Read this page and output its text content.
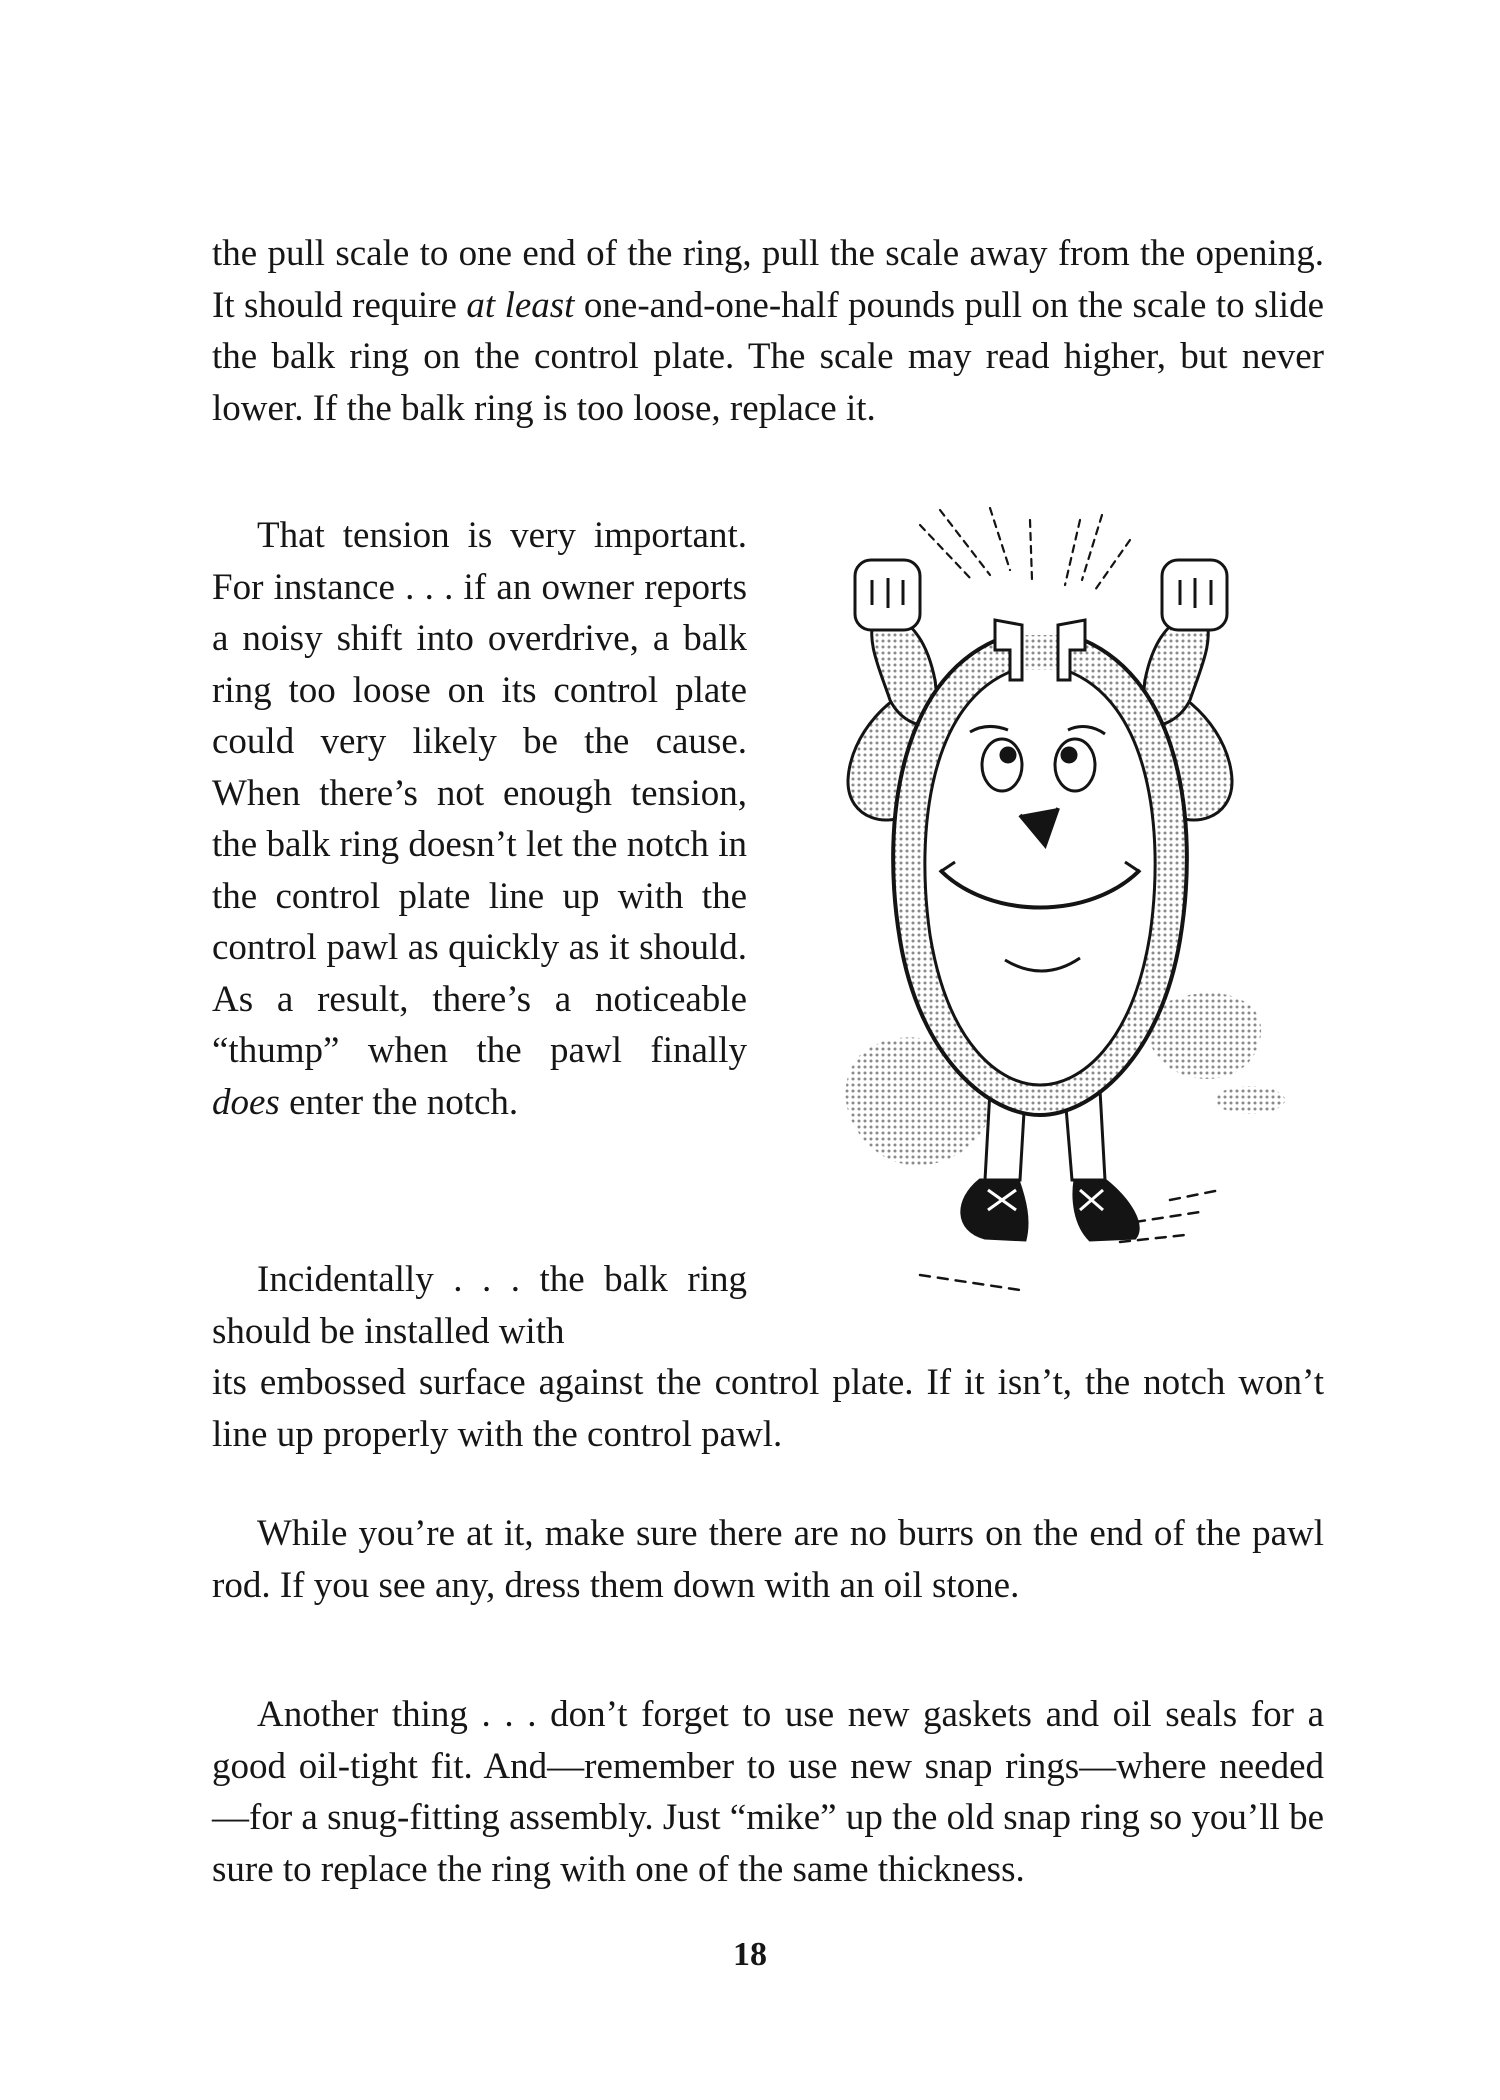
the pull scale to one end of the ring, pull the scale away from the opening. It should require at least one-and-one-half pounds pull on the scale to slide the balk ring on the control plate. The scale may read higher, but never lower. If the balk ring is too loose, replace it.

That tension is very important. For instance . . . if an owner reports a noisy shift into overdrive, a balk ring too loose on its control plate could very likely be the cause. When there’s not enough tension, the balk ring doesn’t let the notch in the control plate line up with the control pawl as quickly as it should. As a result, there’s a noticeable “thump” when the pawl finally does enter the notch.

Incidentally . . . the balk ring should be installed with

its embossed surface against the control plate. If it isn’t, the notch won’t line up properly with the control pawl.

While you’re at it, make sure there are no burrs on the end of the pawl rod. If you see any, dress them down with an oil stone.

Another thing . . . don’t forget to use new gaskets and oil seals for a good oil-tight fit. And—remember to use new snap rings—where needed—for a snug-fitting assembly. Just “mike” up the old snap ring so you’ll be sure to replace the ring with one of the same thickness.

18
